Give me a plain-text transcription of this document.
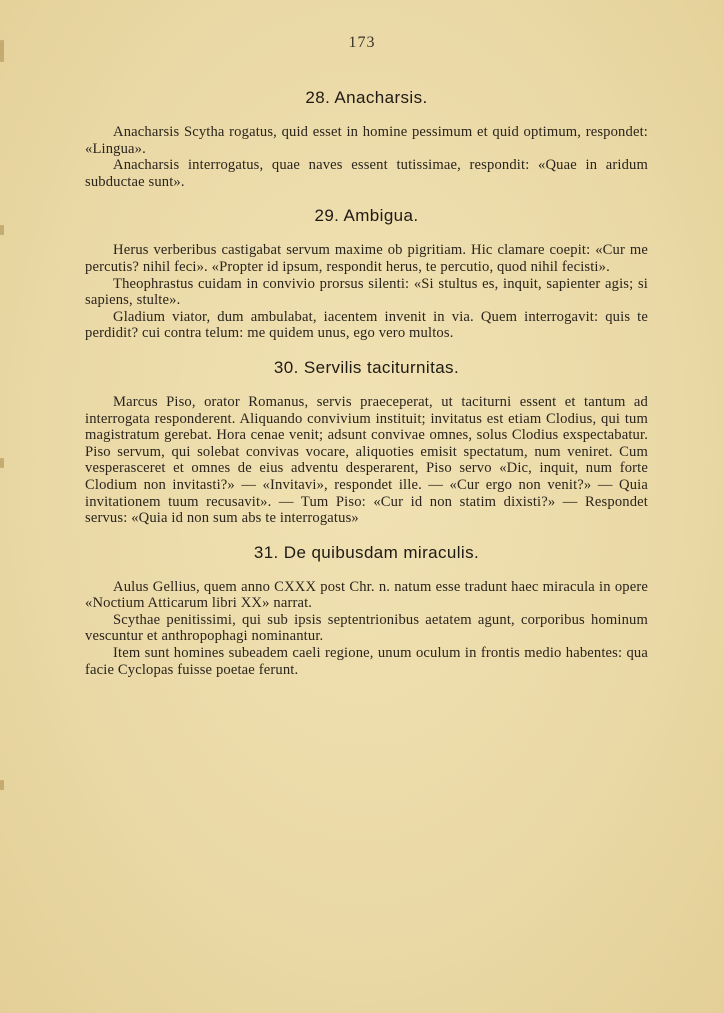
173
28. Anacharsis.

Anacharsis Scytha rogatus, quid esset in homine pessimum et quid optimum, respondet: «Lingua».

Anacharsis interrogatus, quae naves essent tutissimae, respondit: «Quae in aridum subductae sunt».

29. Ambigua.

Herus verberibus castigabat servum maxime ob pigritiam. Hic clamare coepit: «Cur me percutis? nihil feci». «Propter id ipsum, respondit herus, te percutio, quod nihil fecisti».

Theophrastus cuidam in convivio prorsus silenti: «Si stultus es, inquit, sapienter agis; si sapiens, stulte».

Gladium viator, dum ambulabat, iacentem invenit in via. Quem interrogavit: quis te perdidit? cui contra telum: me quidem unus, ego vero multos.

30. Servilis taciturnitas.

Marcus Piso, orator Romanus, servis praeceperat, ut taciturni essent et tantum ad interrogata responderent. Aliquando convivium instituit; invitatus est etiam Clodius, qui tum magistratum gerebat. Hora cenae venit; adsunt convivae omnes, solus Clodius exspectabatur. Piso servum, qui solebat convivas vocare, aliquoties emisit spectatum, num veniret. Cum vesperasceret et omnes de eius adventu desperarent, Piso servo «Dic, inquit, num forte Clodium non invitasti?» — «Invitavi», respondet ille. — «Cur ergo non venit?» — Quia invitationem tuum recusavit». — Tum Piso: «Cur id non statim dixisti?» — Respondet servus: «Quia id non sum abs te interrogatus»

31. De quibusdam miraculis.

Aulus Gellius, quem anno CXXX post Chr. n. natum esse tradunt haec miracula in opere «Noctium Atticarum libri XX» narrat.

Scythae penitissimi, qui sub ipsis septentrionibus aetatem agunt, corporibus hominum vescuntur et anthropophagi nominantur.

Item sunt homines subeadem caeli regione, unum oculum in frontis medio habentes: qua facie Cyclopas fuisse poetae ferunt.
